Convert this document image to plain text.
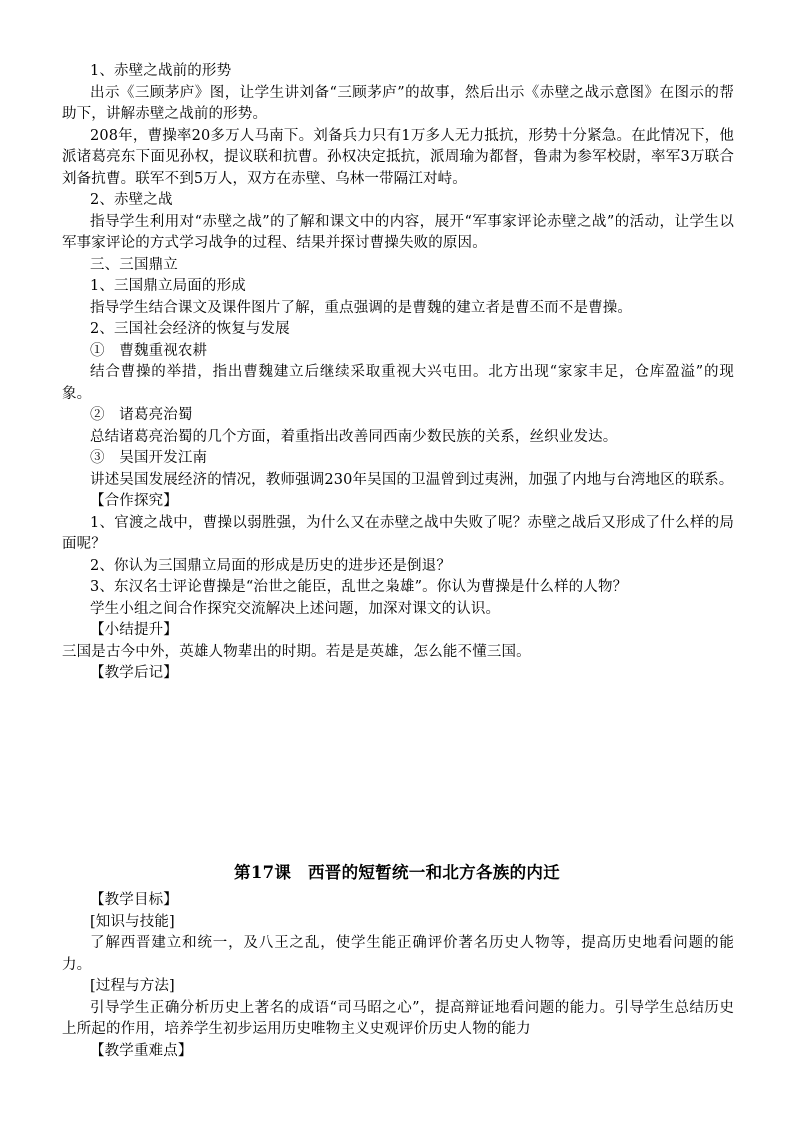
1、赤壁之战前的形势

出示《三顾茅庐》图，让学生讲刘备“三顾茅庐”的故事，然后出示《赤壁之战示意图》在图示的帮助下，讲解赤壁之战前的形势。

208年，曹操率20多万人马南下。刘备兵力只有1万多人无力抵抗，形势十分紧急。在此情况下，他派诸葛亮东下面见孙权，提议联和抗曹。孙权决定抵抗，派周瑜为都督，鲁肃为参军校尉，率军3万联合刘备抗曹。联军不到5万人，双方在赤壁、乌林一带隔江对峙。

2、赤壁之战

指导学生利用对“赤壁之战”的了解和课文中的内容，展开“军事家评论赤壁之战”的活动，让学生以军事家评论的方式学习战争的过程、结果并探讨曹操失败的原因。

三、三国鼎立

1、三国鼎立局面的形成

指导学生结合课文及课件图片了解，重点强调的是曹魏的建立者是曹丕而不是曹操。

2、三国社会经济的恢复与发展

①　曹魏重视农耕

结合曹操的举措，指出曹魏建立后继续采取重视大兴屯田。北方出现“家家丰足，仓库盈溢”的现象。

②　诸葛亮治蜀

总结诸葛亮治蜀的几个方面，着重指出改善同西南少数民族的关系，丝织业发达。

③　吴国开发江南

讲述吴国发展经济的情况，教师强调230年吴国的卫温曾到过夷洲，加强了内地与台湾地区的联系。

【合作探究】

1、官渡之战中，曹操以弱胜强，为什么又在赤壁之战中失败了呢？赤壁之战后又形成了什么样的局面呢？

2、你认为三国鼎立局面的形成是历史的进步还是倒退？

3、东汉名士评论曹操是“治世之能臣，乱世之枭雄”。你认为曹操是什么样的人物？

学生小组之间合作探究交流解决上述问题，加深对课文的认识。

【小结提升】

三国是古今中外，英雄人物辈出的时期。若是是英雄，怎么能不懂三国。

【教学后记】

第17课　西晋的短暂统一和北方各族的内迁

【教学目标】

[知识与技能]

了解西晋建立和统一，及八王之乱，使学生能正确评价著名历史人物等，提高历史地看问题的能力。

[过程与方法]

引导学生正确分析历史上著名的成语“司马昭之心”，提高辩证地看问题的能力。引导学生总结历史上所起的作用，培养学生初步运用历史唯物主义史观评价历史人物的能力

【教学重难点】
